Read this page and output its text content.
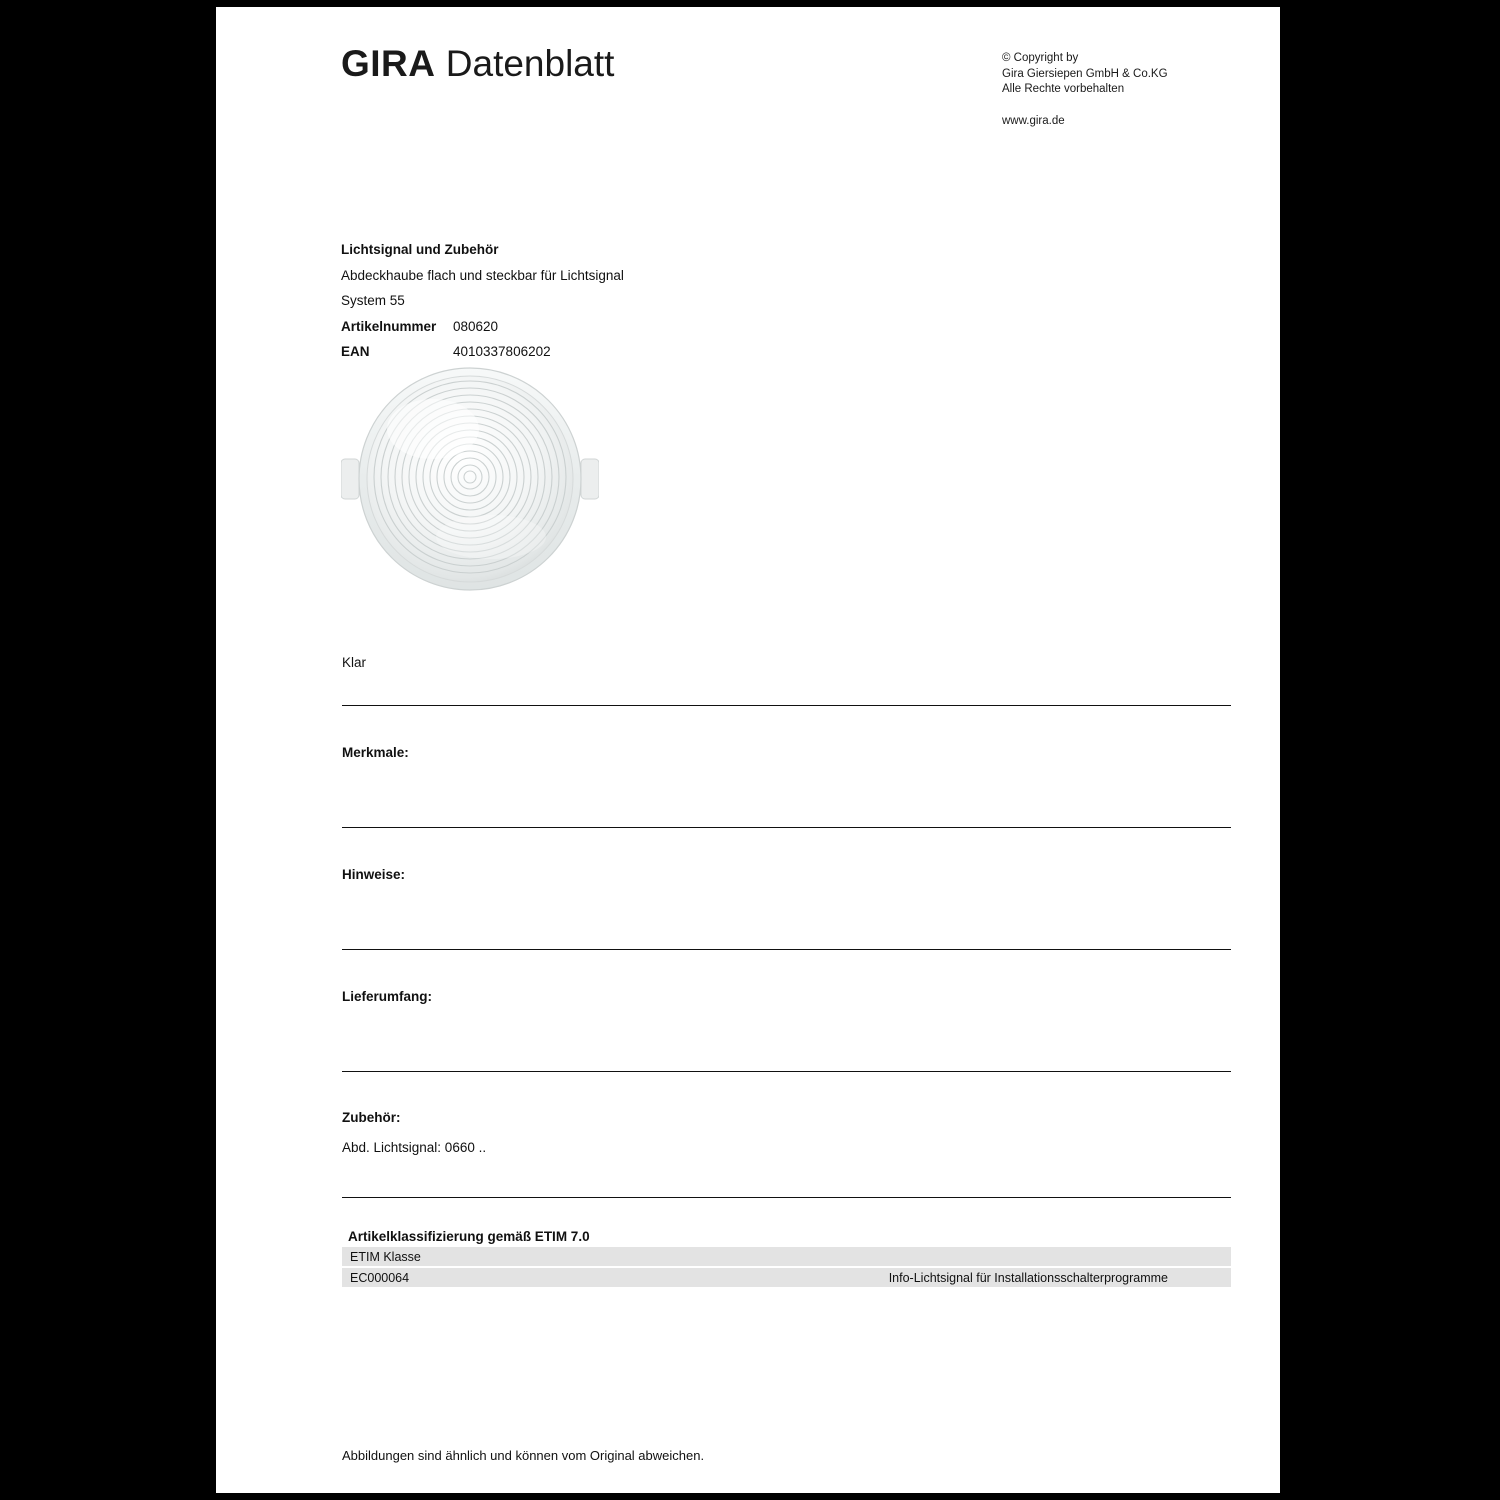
GIRA Datenblatt	© Copyright by
Gira Giersiepen GmbH & Co.KG
Alle Rechte vorbehalten
www.gira.de
Lichtsignal und Zubehör
Abdeckhaube flach und steckbar für Lichtsignal
System 55
Artikelnummer	080620
EAN	4010337806202
Klar
Merkmale:
Hinweise:
Lieferumfang:
Zubehör:
Abd. Lichtsignal: 0660 ..
Artikelklassifizierung gemäß ETIM 7.0
ETIM Klasse
EC000064	Info-Lichtsignal für Installationsschalterprogramme
Abbildungen sind ähnlich und können vom Original abweichen.
